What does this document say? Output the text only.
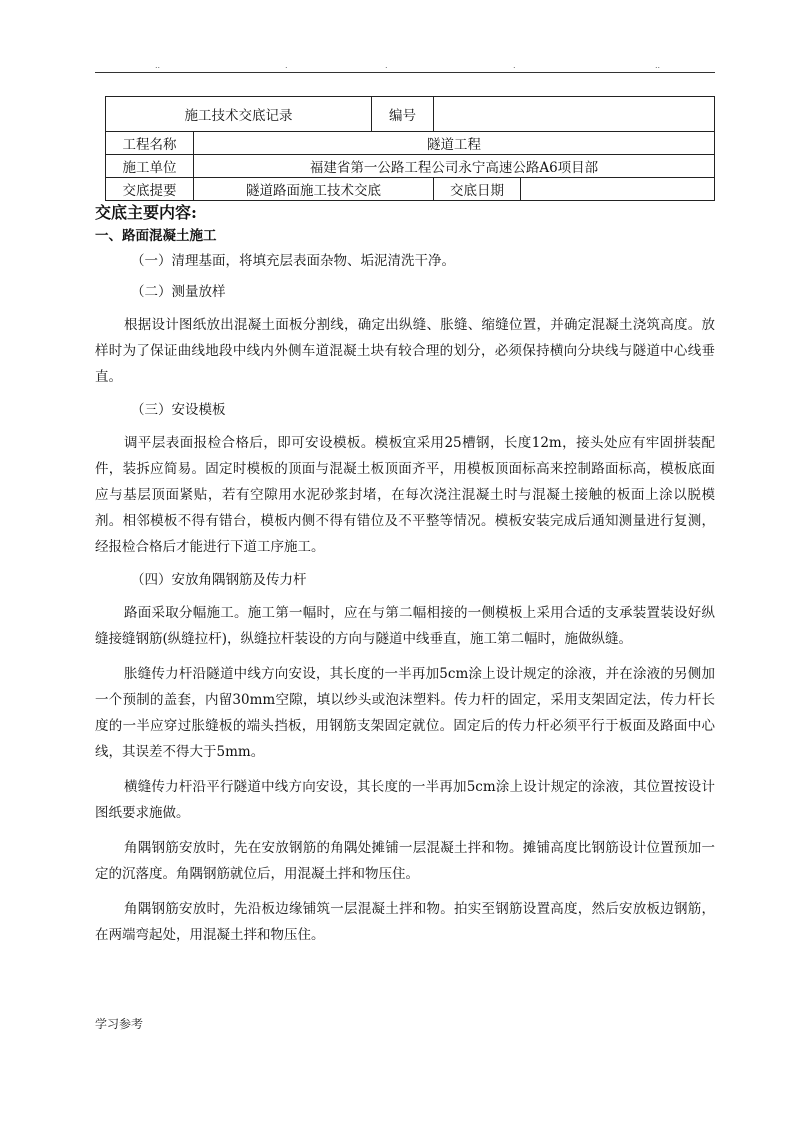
..	.	.	.	..
施工技术交底记录		编号		
工程名称	隧道工程			
施工单位	福建省第一公路工程公司永宁高速公路A6项目部			
交底提要	隧道路面施工技术交底		交底日期	

交底主要内容:

一、路面混凝土施工

（一）清理基面，将填充层表面杂物、垢泥清洗干净。

（二）测量放样

根据设计图纸放出混凝土面板分割线，确定出纵缝、胀缝、缩缝位置，并确定混凝土浇筑高度。放样时为了保证曲线地段中线内外侧车道混凝土块有较合理的划分，必须保持横向分块线与隧道中心线垂直。

（三）安设模板

调平层表面报检合格后，即可安设模板。模板宜采用25槽钢，长度12m，接头处应有牢固拼装配件，装拆应简易。固定时模板的顶面与混凝土板顶面齐平，用模板顶面标高来控制路面标高，模板底面应与基层顶面紧贴，若有空隙用水泥砂浆封堵，在每次浇注混凝土时与混凝土接触的板面上涂以脱模剂。相邻模板不得有错台，模板内侧不得有错位及不平整等情况。模板安装完成后通知测量进行复测，经报检合格后才能进行下道工序施工。

（四）安放角隅钢筋及传力杆

路面采取分幅施工。施工第一幅时，应在与第二幅相接的一侧模板上采用合适的支承装置装设好纵缝接缝钢筋(纵缝拉杆)，纵缝拉杆装设的方向与隧道中线垂直，施工第二幅时，施做纵缝。

胀缝传力杆沿隧道中线方向安设，其长度的一半再加5cm涂上设计规定的涂液，并在涂液的另侧加一个预制的盖套，内留30mm空隙，填以纱头或泡沫塑料。传力杆的固定，采用支架固定法，传力杆长度的一半应穿过胀缝板的端头挡板，用钢筋支架固定就位。固定后的传力杆必须平行于板面及路面中心线，其误差不得大于5mm。

横缝传力杆沿平行隧道中线方向安设，其长度的一半再加5cm涂上设计规定的涂液，其位置按设计图纸要求施做。

角隅钢筋安放时，先在安放钢筋的角隅处摊铺一层混凝土拌和物。摊铺高度比钢筋设计位置预加一定的沉落度。角隅钢筋就位后，用混凝土拌和物压住。

角隅钢筋安放时，先沿板边缘铺筑一层混凝土拌和物。拍实至钢筋设置高度，然后安放板边钢筋，在两端弯起处，用混凝土拌和物压住。

学习参考
